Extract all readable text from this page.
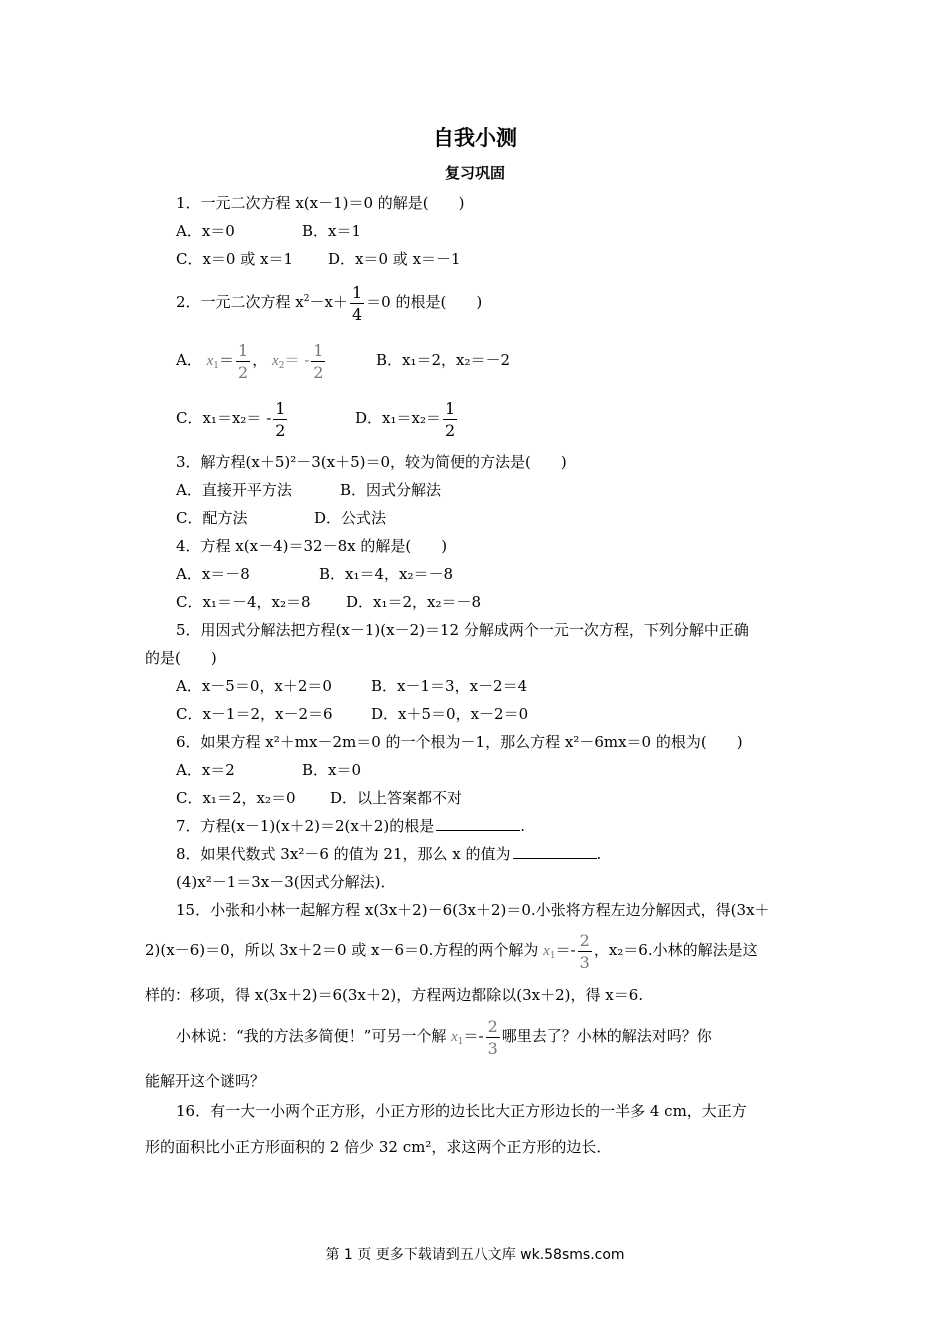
自我小测
复习巩固
1．一元二次方程 x(x－1)＝0 的解是(　　)
A．x＝0	B．x＝1
C．x＝0 或 x＝1 D．x＝0 或 x＝－1
2．一元二次方程 $x^2-x+ \frac{1}{4} =0$ 的根是(　　)
A． $x_1= \frac{1}{2}$ ， $x_2= - \frac{1}{2}$	B．x₁＝2，x₂＝－2
C．$x_1=x_2= - \frac{1}{2}$	D．$x_1=x_2= \frac{1}{2}$
3．解方程(x＋5)²－3(x＋5)＝0，较为简便的方法是(　　)
A．直接开平方法	B．因式分解法
C．配方法	D．公式法
4．方程 x(x－4)＝32－8x 的解是(　　)
A．x＝－8	B．x₁＝4，x₂＝－8
C．x₁＝－4，x₂＝8 D．x₁＝2，x₂＝－8
5．用因式分解法把方程(x－1)(x－2)＝12 分解成两个一元一次方程，下列分解中正确
的是(　　)
A．x－5＝0，x＋2＝0	B．x－1＝3，x－2＝4
C．x－1＝2，x－2＝6	D．x＋5＝0，x－2＝0
6．如果方程 x²＋mx－2m＝0 的一个根为－1，那么方程 x²－6mx＝0 的根为(　　)
A．x＝2	B．x＝0
C．x₁＝2，x₂＝0 D．以上答案都不对
7．方程(x－1)(x＋2)＝2(x＋2)的根是	.
8．如果代数式 3x²－6 的值为 21，那么 x 的值为	.
(4)x²－1＝3x－3(因式分解法)．
15．小张和小林一起解方程 x(3x＋2)－6(3x＋2)＝0.小张将方程左边分解因式，得(3x＋
2)(x－6)＝0，所以 3x＋2＝0 或 x－6＝0.方程的两个解为 $x_1=- \frac{2}{3}$ ，x₂＝6.小林的解法是这
样的：移项，得 x(3x＋2)＝6(3x＋2)，方程两边都除以(3x＋2)，得 x＝6.
小林说：“我的方法多简便！”可另一个解 $x_1=- \frac{2}{3}$ 哪里去了？小林的解法对吗？你
能解开这个谜吗？
16．有一大一小两个正方形，小正方形的边长比大正方形边长的一半多 4 cm，大正方
形的面积比小正方形面积的 2 倍少 32 cm²，求这两个正方形的边长．
第 1 页 更多下载请到五八文库 wk.58sms.com
